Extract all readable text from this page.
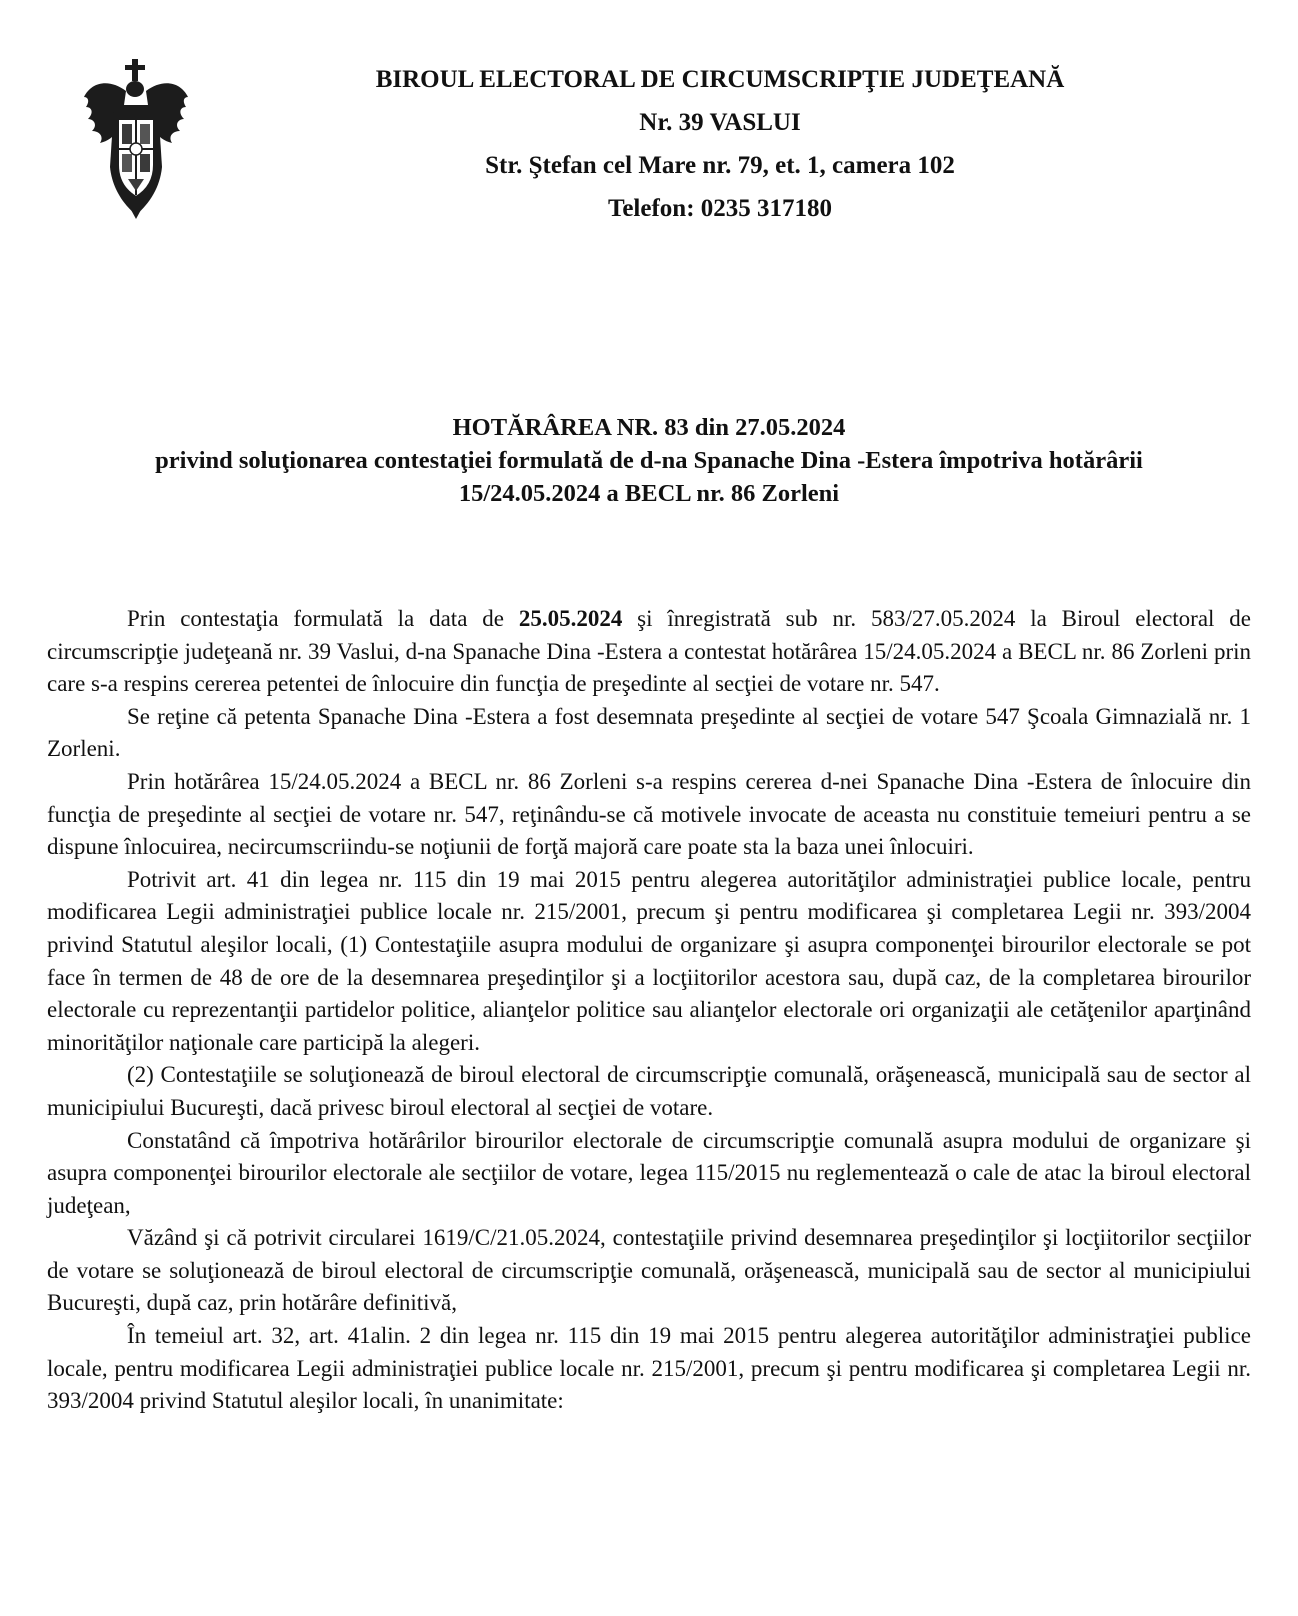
BIROUL ELECTORAL DE CIRCUMSCRIPŢIE JUDEŢEANĂ
Nr. 39 VASLUI
Str. Ştefan cel Mare nr. 79, et. 1, camera 102
Telefon: 0235 317180
HOTĂRÂREA NR. 83 din 27.05.2024
privind soluţionarea contestaţiei formulată de d-na Spanache Dina -Estera împotriva hotărârii
15/24.05.2024 a BECL nr. 86 Zorleni

Prin contestaţia formulată la data de 25.05.2024 şi înregistrată sub nr. 583/27.05.2024 la Biroul electoral de circumscripţie judeţeană nr. 39 Vaslui, d-na Spanache Dina -Estera a contestat hotărârea 15/24.05.2024 a BECL nr. 86 Zorleni prin care s-a respins cererea petentei de înlocuire din funcţia de preşedinte al secţiei de votare nr. 547.

Se reţine că petenta Spanache Dina -Estera a fost desemnata preşedinte al secţiei de votare 547 Şcoala Gimnazială nr. 1 Zorleni.

Prin hotărârea 15/24.05.2024 a BECL nr. 86 Zorleni s-a respins cererea d-nei Spanache Dina -Estera de înlocuire din funcţia de preşedinte al secţiei de votare nr. 547, reţinându-se că motivele invocate de aceasta nu constituie temeiuri pentru a se dispune înlocuirea, necircumscriindu-se noţiunii de forţă majoră care poate sta la baza unei înlocuiri.

Potrivit art. 41 din legea nr. 115 din 19 mai 2015 pentru alegerea autorităţilor administraţiei publice locale, pentru modificarea Legii administraţiei publice locale nr. 215/2001, precum şi pentru modificarea şi completarea Legii nr. 393/2004 privind Statutul aleşilor locali, (1) Contestaţiile asupra modului de organizare şi asupra componenţei birourilor electorale se pot face în termen de 48 de ore de la desemnarea preşedinţilor şi a locţiitorilor acestora sau, după caz, de la completarea birourilor electorale cu reprezentanţii partidelor politice, alianţelor politice sau alianţelor electorale ori organizaţii ale cetăţenilor aparţinând minorităţilor naţionale care participă la alegeri.

(2) Contestaţiile se soluţionează de biroul electoral de circumscripţie comunală, orăşenească, municipală sau de sector al municipiului Bucureşti, dacă privesc biroul electoral al secţiei de votare.

Constatând că împotriva hotărârilor birourilor electorale de circumscripţie comunală asupra modului de organizare şi asupra componenţei birourilor electorale ale secţiilor de votare, legea 115/2015 nu reglementează o cale de atac la biroul electoral judeţean,

Văzând şi că potrivit circularei 1619/C/21.05.2024, contestaţiile privind desemnarea preşedinţilor şi locţiitorilor secţiilor de votare se soluţionează de biroul electoral de circumscripţie comunală, orăşenească, municipală sau de sector al municipiului Bucureşti, după caz, prin hotărâre definitivă,

În temeiul art. 32, art. 41alin. 2 din legea nr. 115 din 19 mai 2015 pentru alegerea autorităţilor administraţiei publice locale, pentru modificarea Legii administraţiei publice locale nr. 215/2001, precum şi pentru modificarea şi completarea Legii nr. 393/2004 privind Statutul aleşilor locali, în unanimitate:
